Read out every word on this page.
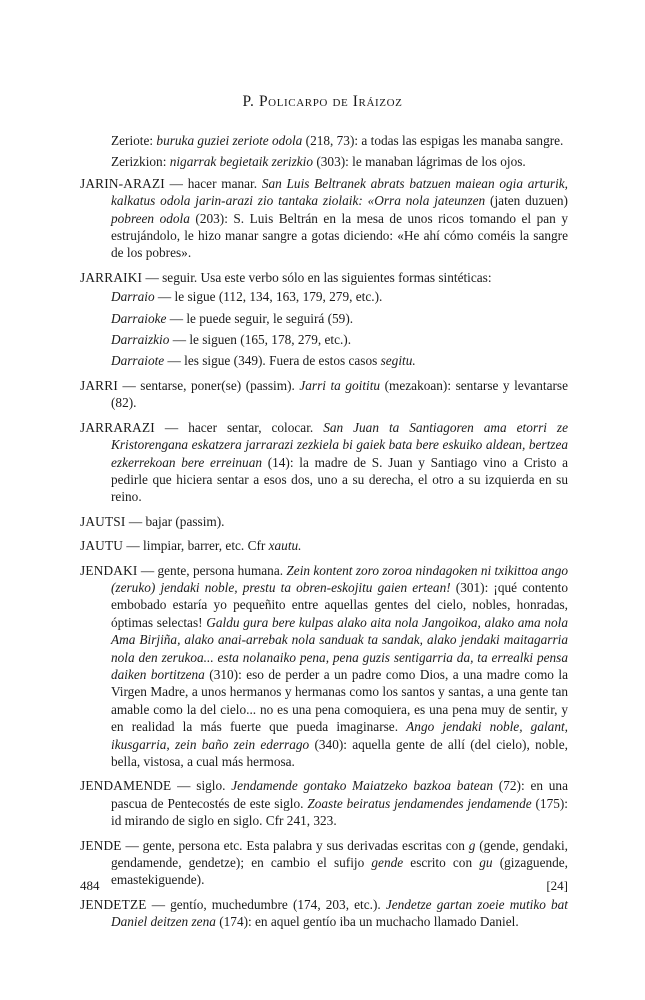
P. Policarpo de Iráizoz

Zeriote: buruka guziei zeriote odola (218, 73): a todas las espigas les manaba sangre.

Zerizkion: nigarrak begietaik zerizkio (303): le manaban lágrimas de los ojos.

JARIN-ARAZI — hacer manar. San Luis Beltranek abrats batzuen maiean ogia arturik, kalkatus odola jarin-arazi zio tantaka ziolaik: «Orra nola jateunzen (jaten duzuen) pobreen odola (203): S. Luis Beltrán en la mesa de unos ricos tomando el pan y estrujándolo, le hizo manar sangre a gotas diciendo: «He ahí cómo coméis la sangre de los pobres».

JARRAIKI — seguir. Usa este verbo sólo en las siguientes formas sintéticas:

Darraio — le sigue (112, 134, 163, 179, 279, etc.).

Darraioke — le puede seguir, le seguirá (59).

Darraizkio — le siguen (165, 178, 279, etc.).

Darraiote — les sigue (349). Fuera de estos casos segitu.

JARRI — sentarse, poner(se) (passim). Jarri ta goititu (mezakoan): sentarse y levantarse (82).

JARRARAZI — hacer sentar, colocar. San Juan ta Santiagoren ama etorri ze Kristorengana eskatzera jarrarazi zezkiela bi gaiek bata bere eskuiko aldean, bertzea ezkerrekoan bere erreinuan (14): la madre de S. Juan y Santiago vino a Cristo a pedirle que hiciera sentar a esos dos, uno a su derecha, el otro a su izquierda en su reino.

JAUTSI — bajar (passim).

JAUTU — limpiar, barrer, etc. Cfr xautu.

JENDAKI — gente, persona humana. Zein kontent zoro zoroa nindagoken ni txikittoa ango (zeruko) jendaki noble, prestu ta obren-eskojitu gaien ertean! (301): ¡qué contento embobado estaría yo pequeñito entre aquellas gentes del cielo, nobles, honradas, óptimas selectas! Galdu gura bere kulpas alako aita nola Jangoikoa, alako ama nola Ama Birjiña, alako anai-arrebak nola sanduak ta sandak, alako jendaki maitagarria nola den zerukoa... esta nolanaiko pena, pena guzis sentigarria da, ta errealki pensa daiken bortitzena (310): eso de perder a un padre como Dios, a una madre como la Virgen Madre, a unos hermanos y hermanas como los santos y santas, a una gente tan amable como la del cielo... no es una pena comoquiera, es una pena muy de sentir, y en realidad la más fuerte que pueda imaginarse. Ango jendaki noble, galant, ikusgarria, zein baño zein ederrago (340): aquella gente de allí (del cielo), noble, bella, vistosa, a cual más hermosa.

JENDAMENDE — siglo. Jendamende gontako Maiatzeko bazkoa batean (72): en una pascua de Pentecostés de este siglo. Zoaste beiratus jendamendes jendamende (175): id mirando de siglo en siglo. Cfr 241, 323.

JENDE — gente, persona etc. Esta palabra y sus derivadas escritas con g (gende, gendaki, gendamende, gendetze); en cambio el sufijo gende escrito con gu (gizaguende, emastekiguende).

JENDETZE — gentío, muchedumbre (174, 203, etc.). Jendetze gartan zoeie mutiko bat Daniel deitzen zena (174): en aquel gentío iba un muchacho llamado Daniel.

484	[24]
